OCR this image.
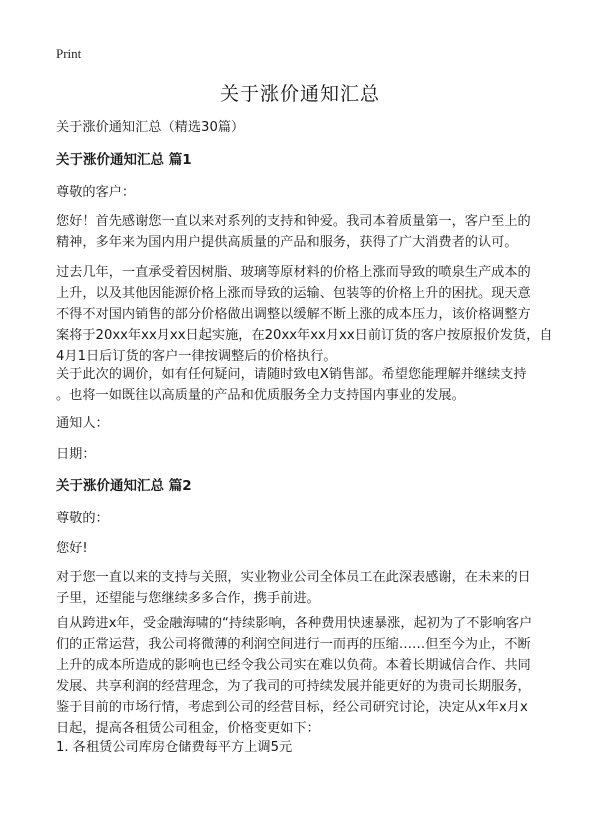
Print
关于涨价通知汇总

关于涨价通知汇总（精选30篇）

关于涨价通知汇总 篇1

尊敬的客户：

您好！首先感谢您一直以来对系列的支持和钟爱。我司本着质量第一，客户至上的
精神，多年来为国内用户提供高质量的产品和服务，获得了广大消费者的认可。

过去几年，一直承受着因树脂、玻璃等原材料的价格上涨而导致的喷泉生产成本的
上升，以及其他因能源价格上涨而导致的运输、包装等的价格上升的困扰。现天意
不得不对国内销售的部分价格做出调整以缓解不断上涨的成本压力，该价格调整方
案将于20xx年xx月xx日起实施，在20xx年xx月xx日前订货的客户按原报价发货，自
4月1日后订货的客户一律按调整后的价格执行。

关于此次的调价，如有任何疑问，请随时致电X销售部。希望您能理解并继续支持
。也将一如既往以高质量的产品和优质服务全力支持国内事业的发展。

通知人：

日期：

关于涨价通知汇总 篇2

尊敬的：

您好!

对于您一直以来的支持与关照，实业物业公司全体员工在此深表感谢，在未来的日
子里，还望能与您继续多多合作，携手前进。

自从跨进x年，受金融海啸的“持续影响，各种费用快速暴涨，起初为了不影响客户
们的正常运营，我公司将微薄的利润空间进行一而再的压缩……但至今为止，不断
上升的成本所造成的影响也已经令我公司实在难以负荷。本着长期诚信合作、共同
发展、共享利润的经营理念，为了我司的可持续发展并能更好的为贵司长期服务，
鉴于目前的市场行情，考虑到公司的经营目标，经公司研究讨论，决定从x年x月x
日起，提高各租赁公司租金，价格变更如下：

1. 各租赁公司库房仓储费每平方上调5元
